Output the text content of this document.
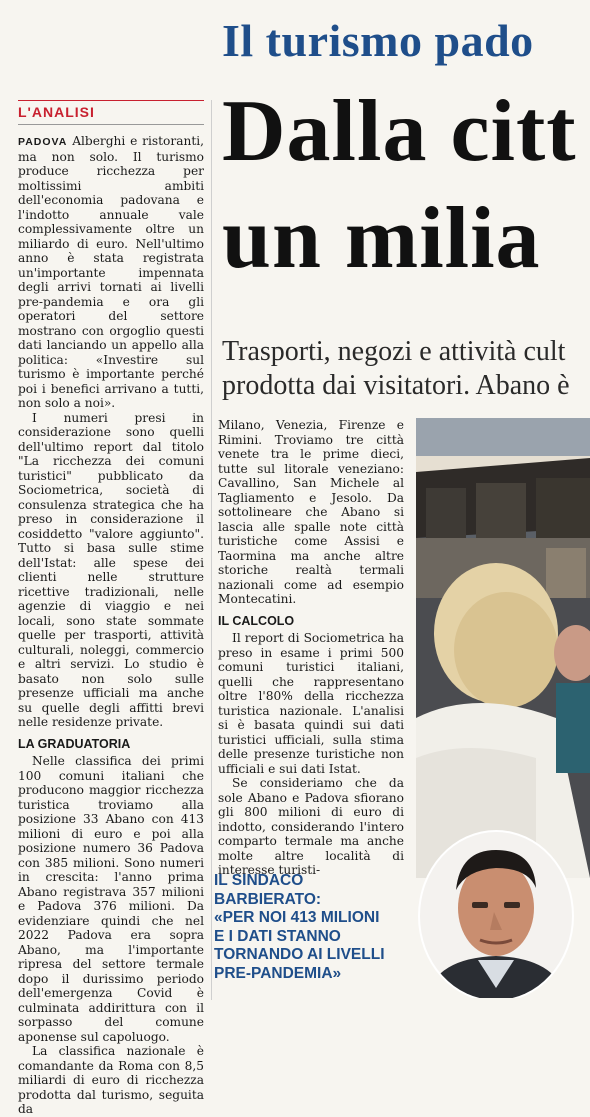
Il turismo pado
Dalla citt
un milia
Trasporti, negozi e attività cult
prodotta dai visitatori. Abano è
L'ANALISI

PADOVA Alberghi e ristoranti, ma non solo. Il turismo produce ricchezza per moltissimi ambiti dell'economia padovana e l'indotto annuale vale complessivamente oltre un miliardo di euro. Nell'ultimo anno è stata registrata un'importante impennata degli arrivi tornati ai livelli pre-pandemia e ora gli operatori del settore mostrano con orgoglio questi dati lanciando un appello alla politica: «Investire sul turismo è importante perché poi i benefici arrivano a tutti, non solo a noi».

I numeri presi in considerazione sono quelli dell'ultimo report dal titolo "La ricchezza dei comuni turistici" pubblicato da Sociometrica, società di consulenza strategica che ha preso in considerazione il cosiddetto "valore aggiunto". Tutto si basa sulle stime dell'Istat: alle spese dei clienti nelle strutture ricettive tradizionali, nelle agenzie di viaggio e nei locali, sono state sommate quelle per trasporti, attività culturali, noleggi, commercio e altri servizi. Lo studio è basato non solo sulle presenze ufficiali ma anche su quelle degli affitti brevi nelle residenze private.

LA GRADUATORIA

Nelle classifica dei primi 100 comuni italiani che producono maggior ricchezza turistica troviamo alla posizione 33 Abano con 413 milioni di euro e poi alla posizione numero 36 Padova con 385 milioni. Sono numeri in crescita: l'anno prima Abano registrava 357 milioni e Padova 376 milioni. Da evidenziare quindi che nel 2022 Padova era sopra Abano, ma l'importante ripresa del settore termale dopo il durissimo periodo dell'emergenza Covid è culminata addirittura con il sorpasso del comune aponense sul capoluogo.

La classifica nazionale è comandante da Roma con 8,5 miliardi di euro di ricchezza prodotta dal turismo, seguita da

Milano, Venezia, Firenze e Rimini. Troviamo tre città venete tra le prime dieci, tutte sul litorale veneziano: Cavallino, San Michele al Tagliamento e Jesolo. Da sottolineare che Abano si lascia alle spalle note città turistiche come Assisi e Taormina ma anche altre storiche realtà termali nazionali come ad esempio Montecatini.

IL CALCOLO

Il report di Sociometrica ha preso in esame i primi 500 comuni turistici italiani, quelli che rappresentano oltre l'80% della ricchezza turistica nazionale. L'analisi si è basata quindi sui dati turistici ufficiali, sulla stima delle presenze turistiche non ufficiali e sui dati Istat.

Se consideriamo che da sole Abano e Padova sfiorano gli 800 milioni di euro di indotto, considerando l'intero comparto termale ma anche molte altre località di interesse turisti-

IL SINDACO
BARBIERATO:
«PER NOI 413 MILIONI
E I DATI STANNO
TORNANDO AI LIVELLI
PRE-PANDEMIA»
